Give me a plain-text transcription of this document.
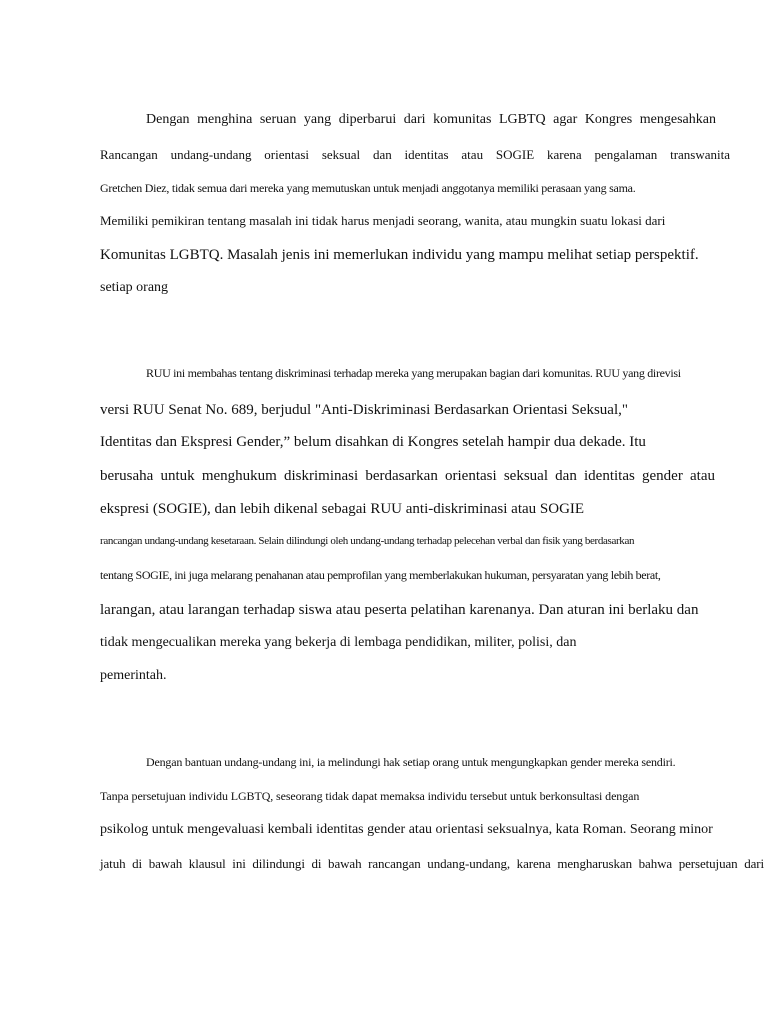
Dengan menghina seruan yang diperbarui dari komunitas LGBTQ agar Kongres mengesahkan
Rancangan undang-undang orientasi seksual dan identitas atau SOGIE karena pengalaman transwanita
Gretchen Diez, tidak semua dari mereka yang memutuskan untuk menjadi anggotanya memiliki perasaan yang sama.
Memiliki pemikiran tentang masalah ini tidak harus menjadi seorang, wanita, atau mungkin suatu lokasi dari
Komunitas LGBTQ. Masalah jenis ini memerlukan individu yang mampu melihat setiap perspektif.
setiap orang
RUU ini membahas tentang diskriminasi terhadap mereka yang merupakan bagian dari komunitas. RUU yang direvisi
versi RUU Senat No. 689, berjudul "Anti-Diskriminasi Berdasarkan Orientasi Seksual,"
Identitas dan Ekspresi Gender,” belum disahkan di Kongres setelah hampir dua dekade. Itu
berusaha untuk menghukum diskriminasi berdasarkan orientasi seksual dan identitas gender atau
ekspresi (SOGIE), dan lebih dikenal sebagai RUU anti-diskriminasi atau SOGIE
rancangan undang-undang kesetaraan. Selain dilindungi oleh undang-undang terhadap pelecehan verbal dan fisik yang berdasarkan
tentang SOGIE, ini juga melarang penahanan atau pemprofilan yang memberlakukan hukuman, persyaratan yang lebih berat,
larangan, atau larangan terhadap siswa atau peserta pelatihan karenanya. Dan aturan ini berlaku dan
tidak mengecualikan mereka yang bekerja di lembaga pendidikan, militer, polisi, dan
pemerintah.
Dengan bantuan undang-undang ini, ia melindungi hak setiap orang untuk mengungkapkan gender mereka sendiri.
Tanpa persetujuan individu LGBTQ, seseorang tidak dapat memaksa individu tersebut untuk berkonsultasi dengan
psikolog untuk mengevaluasi kembali identitas gender atau orientasi seksualnya, kata Roman. Seorang minor
jatuh di bawah klausul ini dilindungi di bawah rancangan undang-undang, karena mengharuskan bahwa persetujuan dari
